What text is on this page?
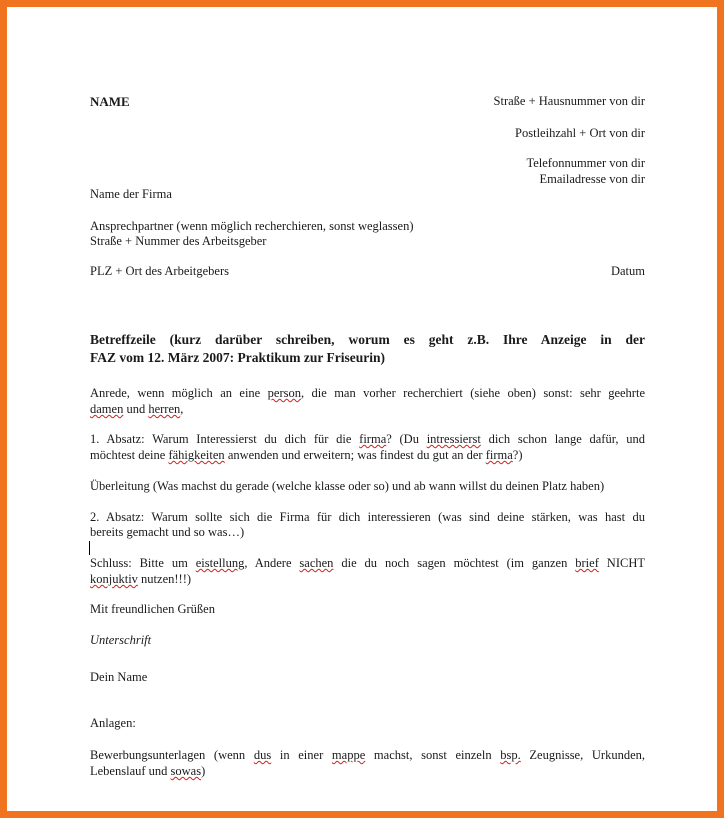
NAME	Straße + Hausnummer von dir
Postleihzahl + Ort von dir
Telefonnummer von dir
Emailadresse von dir
Name der Firma
Ansprechpartner (wenn möglich recherchieren, sonst weglassen)
Straße + Nummer des Arbeitsgeber
PLZ + Ort des Arbeitgebers	Datum
Betreffzeile (kurz darüber schreiben, worum es geht z.B. Ihre Anzeige in der
FAZ vom 12. März 2007: Praktikum zur Friseurin)
Anrede, wenn möglich an eine person, die man vorher recherchiert (siehe oben) sonst: sehr geehrte
damen und herren,
1. Absatz: Warum Interessierst du dich für die firma? (Du intressierst dich schon lange dafür, und
möchtest deine fähigkeiten anwenden und erweitern; was findest du gut an der firma?)
Überleitung (Was machst du gerade (welche klasse oder so) und ab wann willst du deinen Platz haben)
2. Absatz: Warum sollte sich die Firma für dich interessieren (was sind deine stärken, was hast du
bereits gemacht und so was…)
Schluss: Bitte um eistellung, Andere sachen die du noch sagen möchtest (im ganzen brief NICHT
konjuktiv nutzen!!!)
Mit freundlichen Grüßen
Unterschrift
Dein Name
Anlagen:
Bewerbungsunterlagen (wenn dus in einer mappe machst, sonst einzeln bsp. Zeugnisse, Urkunden,
Lebenslauf und sowas)
